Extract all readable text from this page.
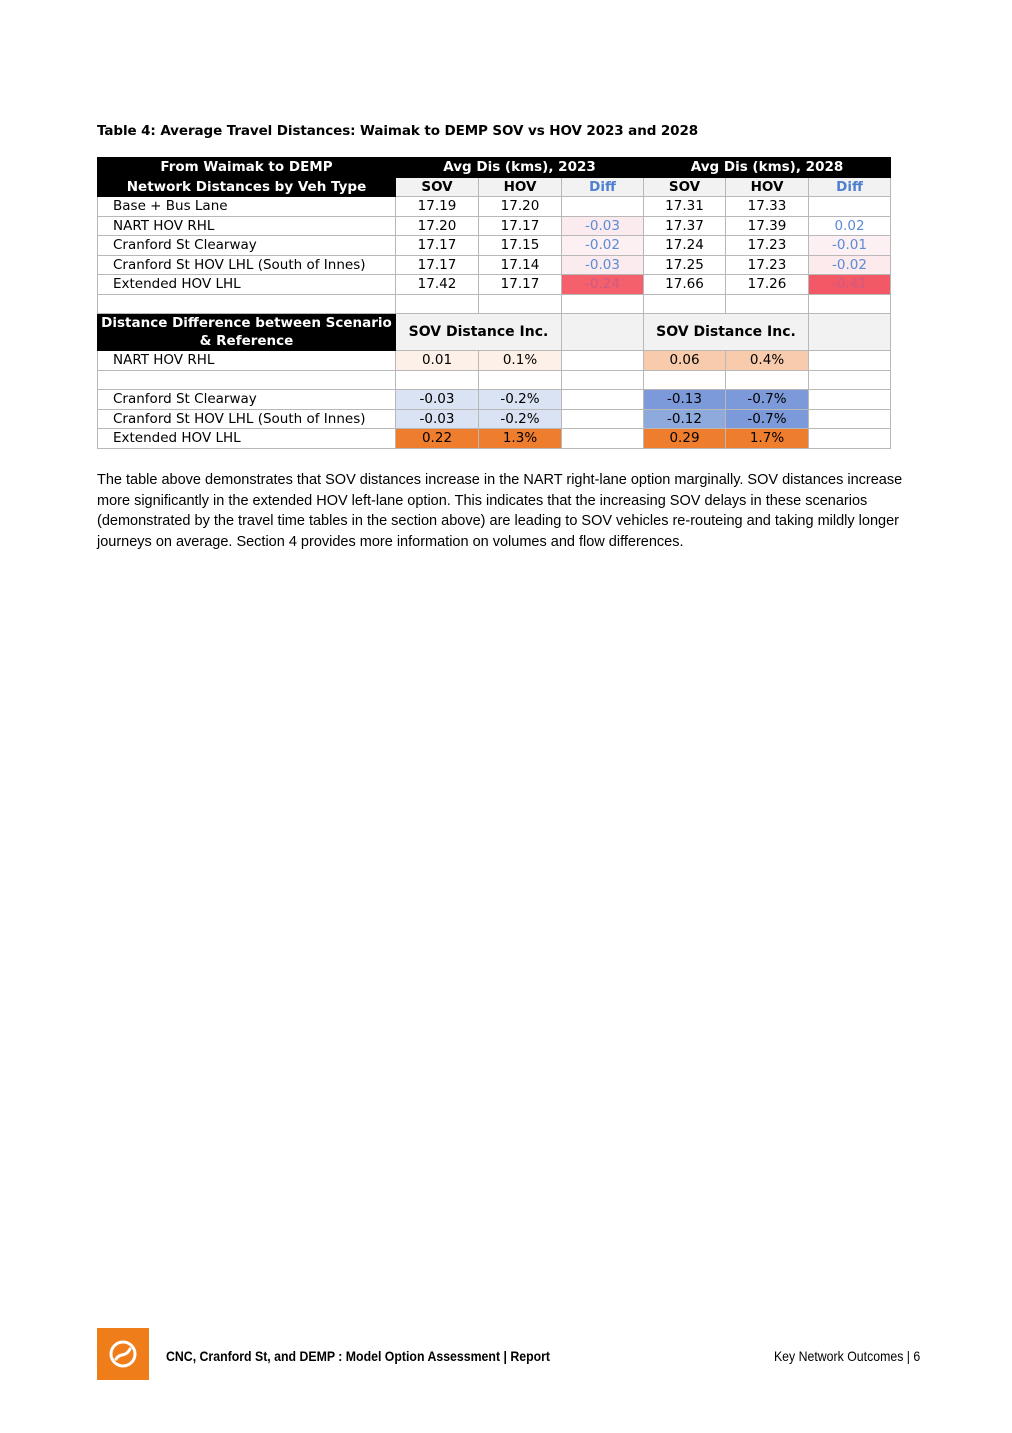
Table 4: Average Travel Distances: Waimak to DEMP SOV vs HOV 2023 and 2028
From Waimak to DEMP	Avg Dis (kms), 2023			Avg Dis (kms), 2028		
Network Distances by Veh Type	SOV	HOV	Diff	SOV	HOV	Diff
Base + Bus Lane	17.19	17.20		17.31	17.33	
NART HOV RHL	17.20	17.17	-0.03	17.37	17.39	0.02
Cranford St Clearway	17.17	17.15	-0.02	17.24	17.23	-0.01
Cranford St HOV LHL (South of Innes)	17.17	17.14	-0.03	17.25	17.23	-0.02
Extended HOV LHL	17.42	17.17	-0.24	17.66	17.26	-0.41

Distance Difference between Scenario
& Reference	SOV Distance Inc.			SOV Distance Inc.		
NART HOV RHL	0.01	0.1%		0.06	0.4%	

Cranford St Clearway	-0.03	-0.2%		-0.13	-0.7%	
Cranford St HOV LHL (South of Innes)	-0.03	-0.2%		-0.12	-0.7%	
Extended HOV LHL	0.22	1.3%		0.29	1.7%	
The table above demonstrates that SOV distances increase in the NART right-lane option marginally. SOV distances increase more significantly in the extended HOV left-lane option. This indicates that the increasing SOV delays in these scenarios (demonstrated by the travel time tables in the section above) are leading to SOV vehicles re-routeing and taking mildly longer journeys on average. Section 4 provides more information on volumes and flow differences.
CNC, Cranford St, and DEMP : Model Option Assessment | Report	Key Network Outcomes | 6
